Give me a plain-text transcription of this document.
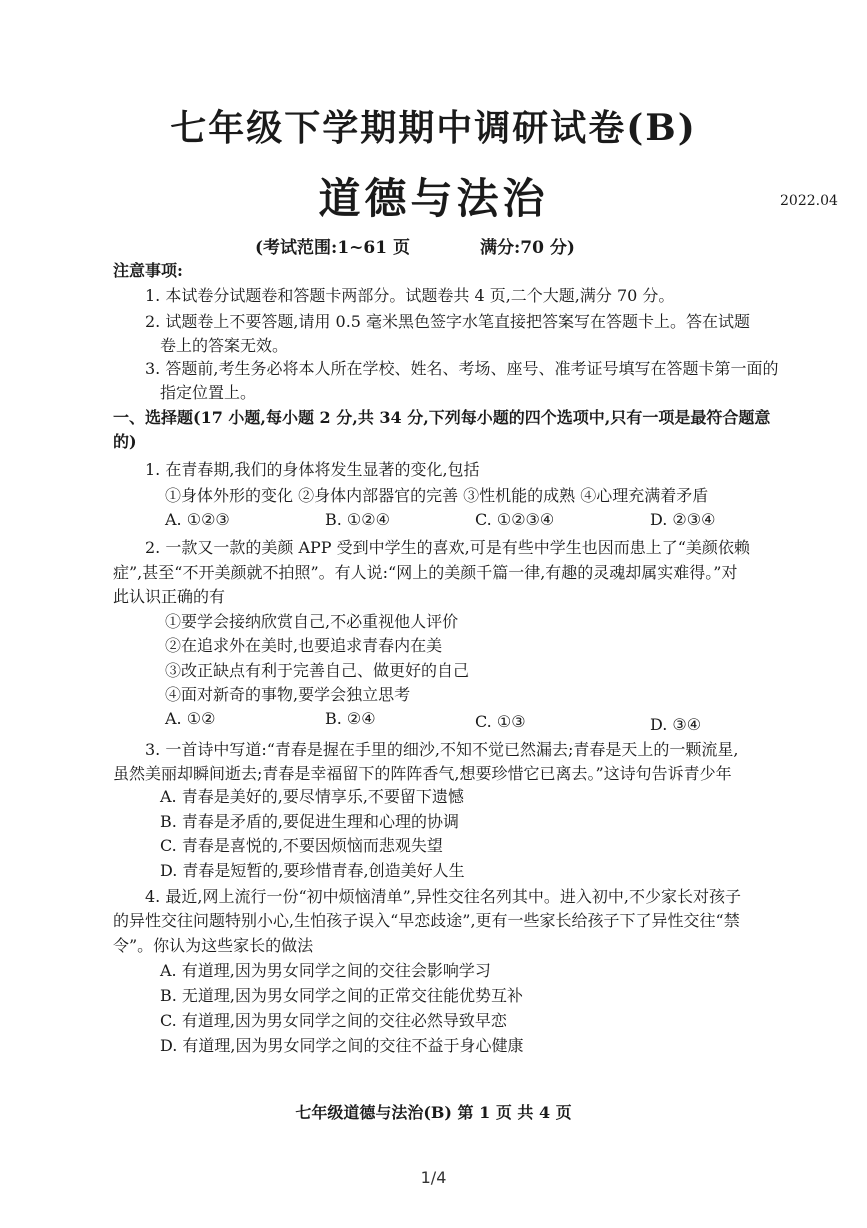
七年级下学期期中调研试卷(B)
道德与法治	2022.04
(考试范围:1~61 页	满分:70 分)
注意事项:
1. 本试卷分试题卷和答题卡两部分。试题卷共 4 页,二个大题,满分 70 分。
2. 试题卷上不要答题,请用 0.5 毫米黑色签字水笔直接把答案写在答题卡上。答在试题
卷上的答案无效。
3. 答题前,考生务必将本人所在学校、姓名、考场、座号、准考证号填写在答题卡第一面的
指定位置上。
一、选择题(17 小题,每小题 2 分,共 34 分,下列每小题的四个选项中,只有一项是最符合题意
的)
1. 在青春期,我们的身体将发生显著的变化,包括
①身体外形的变化 ②身体内部器官的完善 ③性机能的成熟 ④心理充满着矛盾
A. ①②③	B. ①②④	C. ①②③④	D. ②③④
2. 一款又一款的美颜 APP 受到中学生的喜欢,可是有些中学生也因而患上了“美颜依赖
症”,甚至“不开美颜就不拍照”。有人说:“网上的美颜千篇一律,有趣的灵魂却属实难得。”对
此认识正确的有
①要学会接纳欣赏自己,不必重视他人评价
②在追求外在美时,也要追求青春内在美
③改正缺点有利于完善自己、做更好的自己
④面对新奇的事物,要学会独立思考
A. ①②	B. ②④	C. ①③	D. ③④
3. 一首诗中写道:“青春是握在手里的细沙,不知不觉已然漏去;青春是天上的一颗流星,
虽然美丽却瞬间逝去;青春是幸福留下的阵阵香气,想要珍惜它已离去。”这诗句告诉青少年
A. 青春是美好的,要尽情享乐,不要留下遗憾
B. 青春是矛盾的,要促进生理和心理的协调
C. 青春是喜悦的,不要因烦恼而悲观失望
D. 青春是短暂的,要珍惜青春,创造美好人生
4. 最近,网上流行一份“初中烦恼清单”,异性交往名列其中。进入初中,不少家长对孩子
的异性交往问题特别小心,生怕孩子误入“早恋歧途”,更有一些家长给孩子下了异性交往“禁
令”。你认为这些家长的做法
A. 有道理,因为男女同学之间的交往会影响学习
B. 无道理,因为男女同学之间的正常交往能优势互补
C. 有道理,因为男女同学之间的交往必然导致早恋
D. 有道理,因为男女同学之间的交往不益于身心健康
七年级道德与法治(B) 第 1 页 共 4 页
1/4
